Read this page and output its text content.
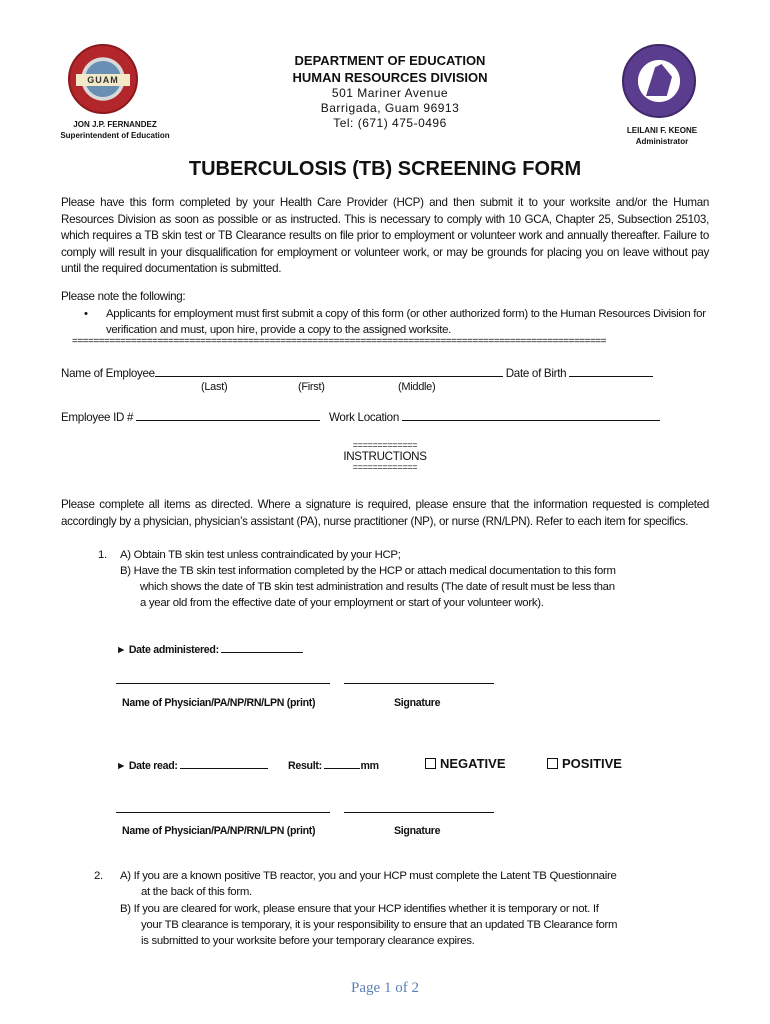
GUAM
JON J.P. FERNANDEZ
Superintendent of Education
LEILANI F. KEONE
Administrator
DEPARTMENT OF EDUCATION
HUMAN RESOURCES DIVISION
501 Mariner Avenue
Barrigada, Guam 96913
Tel: (671) 475-0496
TUBERCULOSIS (TB) SCREENING FORM
Please have this form completed by your Health Care Provider (HCP) and then submit it to your worksite and/or the Human Resources Division as soon as possible or as instructed. This is necessary to comply with 10 GCA, Chapter 25, Subsection 25103, which requires a TB skin test or TB Clearance results on file prior to employment or volunteer work and annually thereafter. Failure to comply will result in your disqualification for employment or volunteer work, or may be grounds for placing you on leave without pay until the required documentation is submitted.
Please note the following:
• Applicants for employment must first submit a copy of this form (or other authorized form) to the Human Resources Division for verification and must, upon hire, provide a copy to the assigned worksite.
====================================================================================================
Name of Employee	Date of Birth
(Last)	(First)	(Middle)
Employee ID #	Work Location
=============
INSTRUCTIONS
=============
Please complete all items as directed. Where a signature is required, please ensure that the information requested is completed accordingly by a physician, physician’s assistant (PA), nurse practitioner (NP), or nurse (RN/LPN). Refer to each item for specifics.
1. A) Obtain TB skin test unless contraindicated by your HCP;
B) Have the TB skin test information completed by the HCP or attach medical documentation to this form
which shows the date of TB skin test administration and results (The date of result must be less than
a year old from the effective date of your employment or start of your volunteer work).
► Date administered:
Name of Physician/PA/NP/RN/LPN (print)	Signature
► Date read:	Result:	mm	NEGATIVE	POSITIVE
Name of Physician/PA/NP/RN/LPN (print)	Signature
2. A) If you are a known positive TB reactor, you and your HCP must complete the Latent TB Questionnaire
at the back of this form.
B) If you are cleared for work, please ensure that your HCP identifies whether it is temporary or not. If
your TB clearance is temporary, it is your responsibility to ensure that an updated TB Clearance form
is submitted to your worksite before your temporary clearance expires.
Page 1 of 2
